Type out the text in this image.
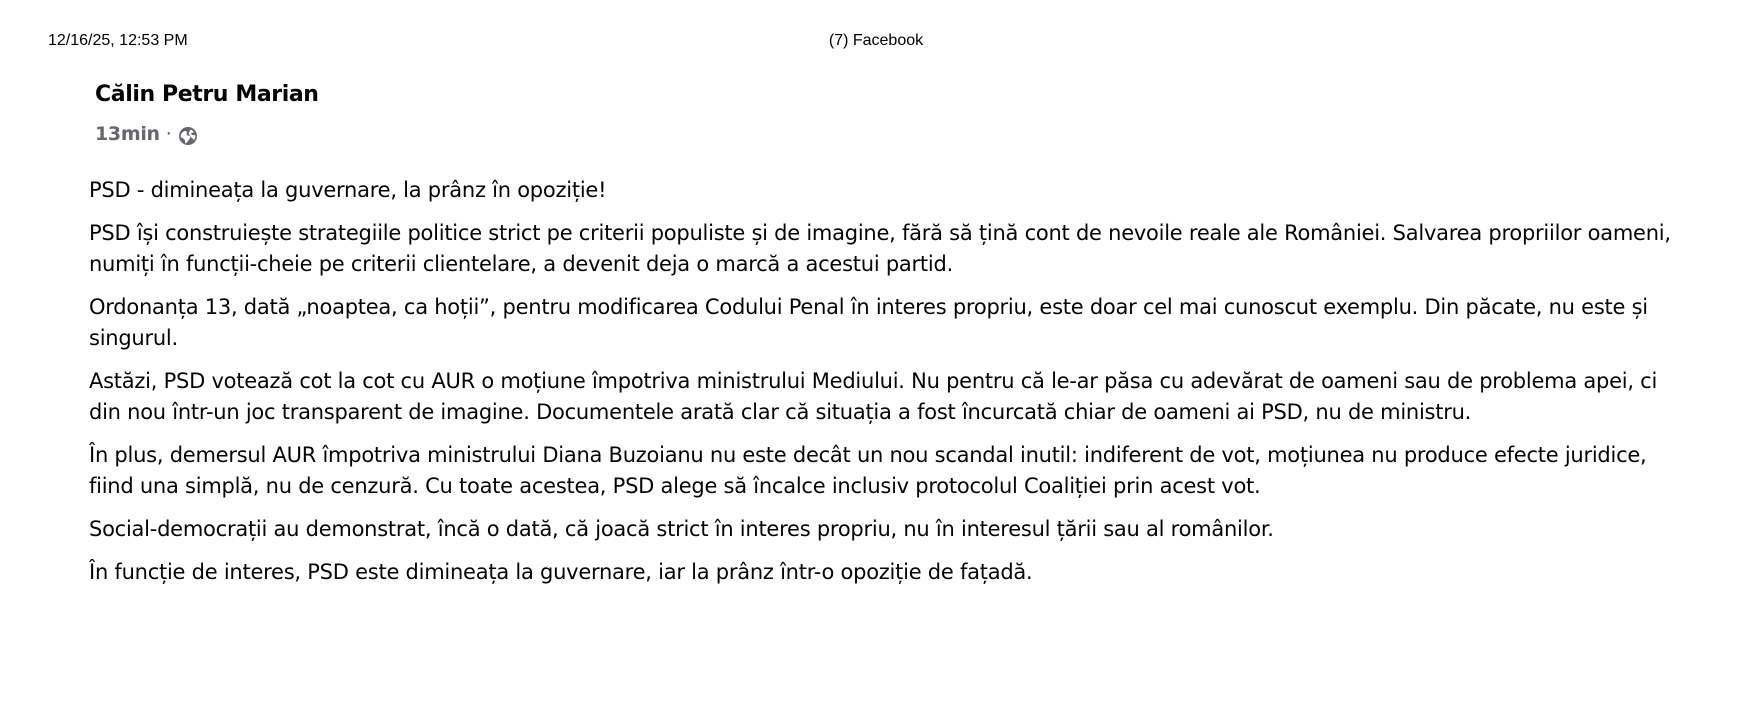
12/16/25, 12:53 PM	(7) Facebook
Călin Petru Marian
13min ·

PSD - dimineața la guvernare, la prânz în opoziție!

PSD își construiește strategiile politice strict pe criterii populiste și de imagine, fără să țină cont de nevoile reale ale României. Salvarea propriilor oameni, numiți în funcții-cheie pe criterii clientelare, a devenit deja o marcă a acestui partid.

Ordonanța 13, dată „noaptea, ca hoții”, pentru modificarea Codului Penal în interes propriu, este doar cel mai cunoscut exemplu. Din păcate, nu este și singurul.

Astăzi, PSD votează cot la cot cu AUR o moțiune împotriva ministrului Mediului. Nu pentru că le-ar păsa cu adevărat de oameni sau de problema apei, ci din nou într-un joc transparent de imagine. Documentele arată clar că situația a fost încurcată chiar de oameni ai PSD, nu de ministru.

În plus, demersul AUR împotriva ministrului Diana Buzoianu nu este decât un nou scandal inutil: indiferent de vot, moțiunea nu produce efecte juridice, fiind una simplă, nu de cenzură. Cu toate acestea, PSD alege să încalce inclusiv protocolul Coaliției prin acest vot.

Social-democrații au demonstrat, încă o dată, că joacă strict în interes propriu, nu în interesul țării sau al românilor.

În funcție de interes, PSD este dimineața la guvernare, iar la prânz într-o opoziție de fațadă.
